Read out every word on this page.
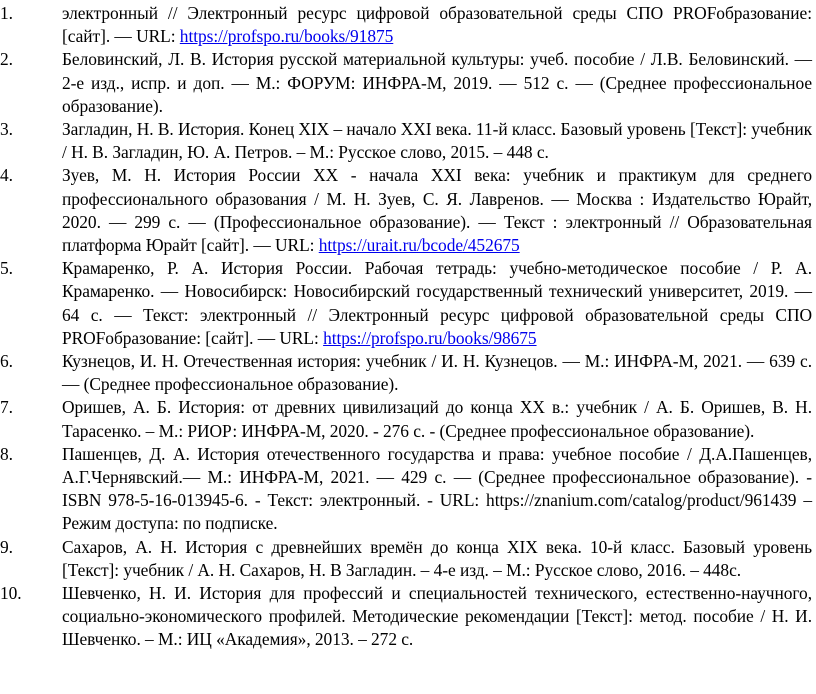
1.	электронный // Электронный ресурс цифровой образовательной среды СПО PROFобразование: [сайт]. — URL: https://profspo.ru/books/91875
2.	Беловинский, Л. В. История русской материальной культуры: учеб. пособие / Л.В. Беловинский. — 2-е изд., испр. и доп. — М.: ФОРУМ: ИНФРА-М, 2019. — 512 с. — (Среднее профессиональное образование).
3.	Загладин, Н. В. История. Конец XIX – начало XXI века. 11-й класс. Базовый уровень [Текст]: учебник / Н. В. Загладин, Ю. А. Петров. – М.: Русское слово, 2015. – 448 с.
4.	Зуев, М. Н. История России XX - начала XXI века: учебник и практикум для среднего профессионального образования / М. Н. Зуев, С. Я. Лавренов. — Москва : Издательство Юрайт, 2020. — 299 с. — (Профессиональное образование). — Текст : электронный // Образовательная платформа Юрайт [сайт]. — URL: https://urait.ru/bcode/452675
5.	Крамаренко, Р. А. История России. Рабочая тетрадь: учебно-методическое пособие / Р. А. Крамаренко. — Новосибирск: Новосибирский государственный технический университет, 2019. — 64 c. — Текст: электронный // Электронный ресурс цифровой образовательной среды СПО PROFобразование: [сайт]. — URL: https://profspo.ru/books/98675
6.	Кузнецов, И. Н. Отечественная история: учебник / И. Н. Кузнецов. — М.: ИНФРА-М, 2021. — 639 с. — (Среднее профессиональное образование).
7.	Оришев, А. Б. История: от древних цивилизаций до конца XX в.: учебник / А. Б. Оришев, В. Н. Тарасенко. – М.: РИОР: ИНФРА-М, 2020. - 276 с. - (Среднее профессиональное образование).
8.	Пашенцев, Д. А. История отечественного государства и права: учебное пособие / Д.А.Пашенцев, А.Г.Чернявский.— М.: ИНФРА-М, 2021. — 429 с. — (Среднее профессиональное образование). - ISBN 978-5-16-013945-6. - Текст: электронный. - URL: https://znanium.com/catalog/product/961439 – Режим доступа: по подписке.
9.	Сахаров, А. Н. История с древнейших времён до конца XIX века. 10-й класс. Базовый уровень [Текст]: учебник / А. Н. Сахаров, Н. В Загладин. – 4-е изд. – М.: Русское слово, 2016. – 448с.
10.	Шевченко, Н. И. История для профессий и специальностей технического, естественно-научного, социально-экономического профилей. Методические рекомендации [Текст]: метод. пособие / Н. И. Шевченко. – М.: ИЦ «Академия», 2013. – 272 с.
